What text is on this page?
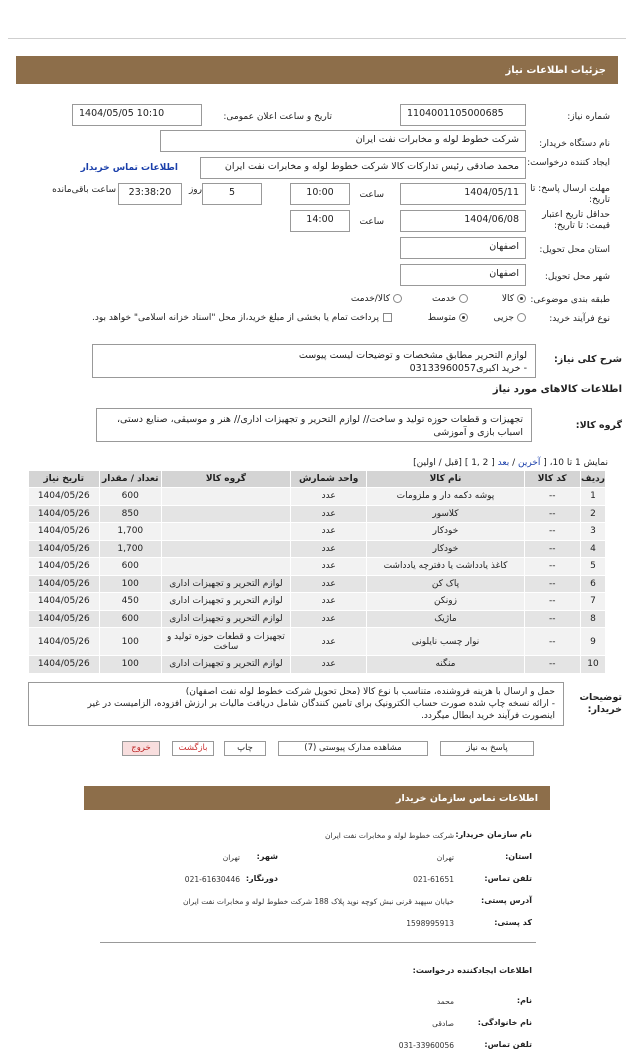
جزئیات اطلاعات نیاز
شماره نیاز:
1104001105000685
تاریخ و ساعت اعلان عمومی:
1404/05/05 10:10
نام دستگاه خریدار:
شرکت خطوط لوله و مخابرات نفت ایران
ایجاد کننده درخواست:
محمد صادقی رئیس تدارکات کالا شرکت خطوط لوله و مخابرات نفت ایران
اطلاعات تماس خریدار
مهلت ارسال پاسخ: تا تاریخ:
1404/05/11
ساعت
10:00
5
روز
23:38:20
ساعت باقی‌مانده
حداقل تاریخ اعتبار قیمت: تا تاریخ:
1404/06/08
ساعت
14:00
استان محل تحویل:
اصفهان
شهر محل تحویل:
اصفهان
طبقه بندی موضوعی:
کالا
خدمت
کالا/خدمت
نوع فرآیند خرید:
جزیی
متوسط
پرداخت تمام یا بخشی از مبلغ خرید،از محل "اسناد خزانه اسلامی" خواهد بود.
شرح کلی نیاز:
لوازم التحریر مطابق مشخصات و توضیحات لیست پیوست
- خرید اکبری03133960057
اطلاعات کالاهای مورد نیاز
گروه کالا:
تجهیزات و قطعات حوزه تولید و ساخت// لوازم التحریر و تجهیزات اداری// هنر و موسیقی، صنایع دستی،
اسباب بازی و آموزشی
نمایش 1 تا 10، [ آخرین / بعد [ 2 ,1 ] [قبل / اولین]
ردیف	کد کالا	نام کالا	واحد شمارش	گروه کالا	تعداد / مقدار	تاریخ نیاز
1	--	پوشه دکمه دار و ملزومات	عدد		600	1404/05/26
2	--	کلاسور	عدد		850	1404/05/26
3	--	خودکار	عدد		1,700	1404/05/26
4	--	خودکار	عدد		1,700	1404/05/26
5	--	کاغذ یادداشت یا دفترچه یادداشت	عدد		600	1404/05/26
6	--	پاک کن	عدد	لوازم التحریر و تجهیزات اداری	100	1404/05/26
7	--	زونکن	عدد	لوازم التحریر و تجهیزات اداری	450	1404/05/26
8	--	ماژیک	عدد	لوازم التحریر و تجهیزات اداری	600	1404/05/26
9	--	نوار چسب نایلونی	عدد	تجهیزات و قطعات حوزه تولید و ساخت	100	1404/05/26
10	--	منگنه	عدد	لوازم التحریر و تجهیزات اداری	100	1404/05/26
توضیحات خریدار:
حمل و ارسال با هزینه فروشنده، متناسب با نوع کالا (محل تحویل شرکت خطوط لوله نفت اصفهان)
- ارائه نسخه چاپ شده صورت حساب الکترونیک برای تامین کنندگان شامل دریافت مالیات بر ارزش افزوده، الزامیست در غیر
اینصورت فرآیند خرید ابطال میگردد.
پاسخ به نیاز
مشاهده مدارک پیوستی (7)
چاپ
بازگشت
خروج
اطلاعات تماس سازمان خریدار
نام سازمان خریدار:
شرکت خطوط لوله و مخابرات نفت ایران
استان:
تهران
شهر:
تهران
تلفن تماس:
021-61651
دورنگار:
021-61630446
آدرس پستی:
خیابان سپهبد قرنی نبش کوچه نوید پلاک 188 شرکت خطوط لوله و مخابرات نفت ایران
کد پستی:
1598995913
اطلاعات ایجادکننده درخواست:
نام:
محمد
نام خانوادگی:
صادقی
تلفن تماس:
031-33960056
